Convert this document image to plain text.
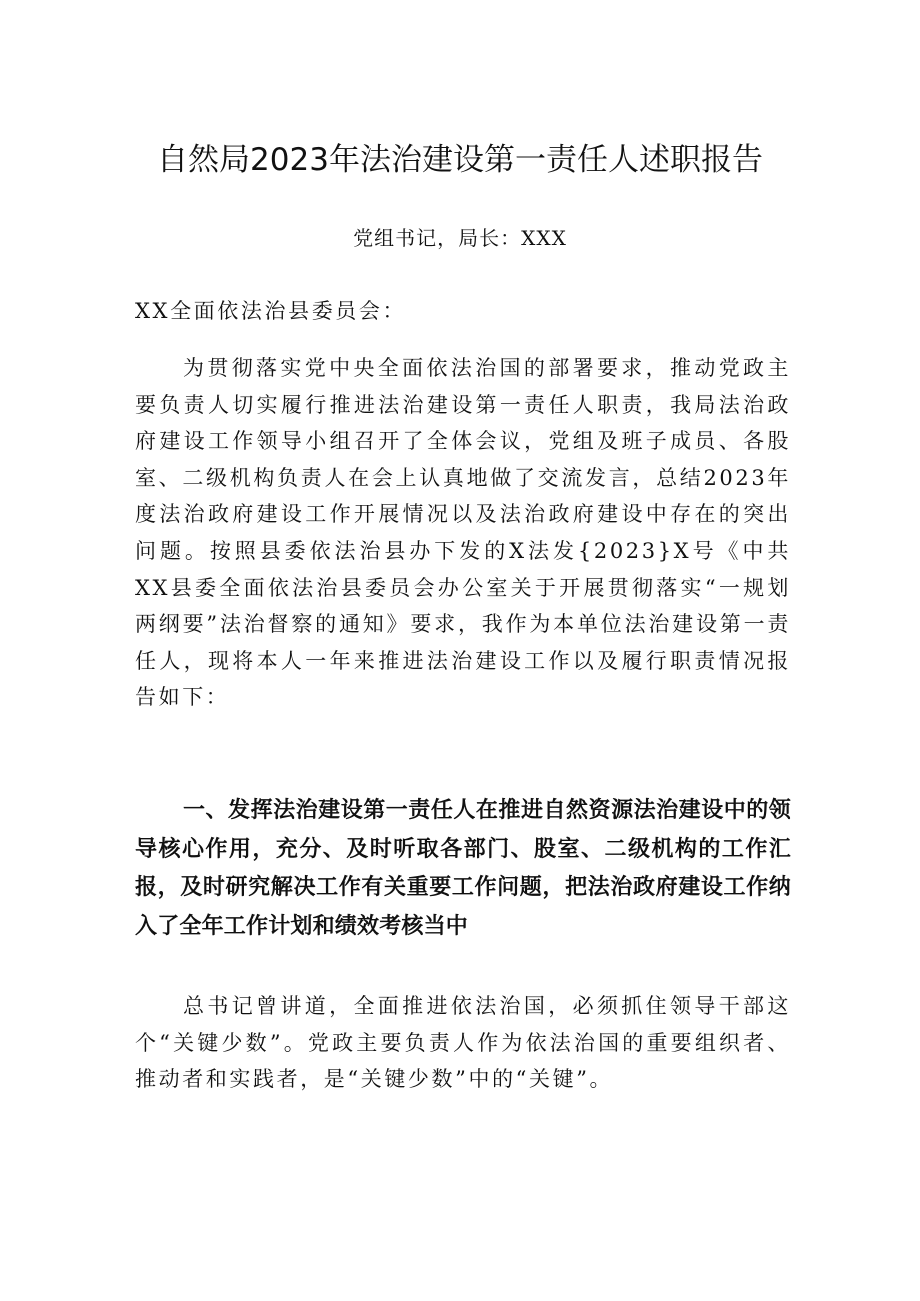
自然局2023年法治建设第一责任人述职报告

党组书记，局长：XXX

XX全面依法治县委员会：

为贯彻落实党中央全面依法治国的部署要求，推动党政主要负责人切实履行推进法治建设第一责任人职责，我局法治政府建设工作领导小组召开了全体会议，党组及班子成员、各股室、二级机构负责人在会上认真地做了交流发言，总结2023年度法治政府建设工作开展情况以及法治政府建设中存在的突出问题。按照县委依法治县办下发的X法发{2023}X号《中共XX县委全面依法治县委员会办公室关于开展贯彻落实“一规划两纲要”法治督察的通知》要求，我作为本单位法治建设第一责任人，现将本人一年来推进法治建设工作以及履行职责情况报告如下：

一、发挥法治建设第一责任人在推进自然资源法治建设中的领导核心作用，充分、及时听取各部门、股室、二级机构的工作汇报，及时研究解决工作有关重要工作问题，把法治政府建设工作纳入了全年工作计划和绩效考核当中

总书记曾讲道，全面推进依法治国，必须抓住领导干部这个“关键少数”。党政主要负责人作为依法治国的重要组织者、推动者和实践者，是“关键少数”中的“关键”。
